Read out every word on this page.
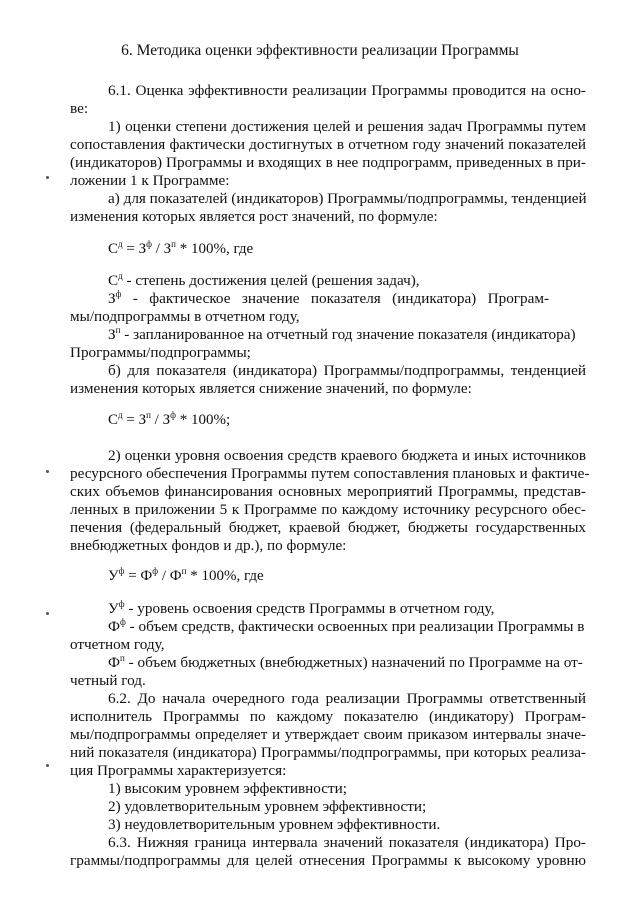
6. Методика оценки эффективности реализации Программы
6.1. Оценка эффективности реализации Программы проводится на осно-
ве:
1) оценки степени достижения целей и решения задач Программы путем
сопоставления фактически достигнутых в отчетном году значений показателей
(индикаторов) Программы и входящих в нее подпрограмм, приведенных в при-
ложении 1 к Программе:
а) для показателей (индикаторов) Программы/подпрограммы, тенденцией
изменения которых является рост значений, по формуле:
$С^д = З^ф / З^п * 100\%$, где
$С^д$ - степень достижения целей (решения задач),
$З^ф$   -   фактическое   значение   показателя   (индикатора)   Програм-
мы/подпрограммы в отчетном году,
$З^п$ - запланированное на отчетный год значение показателя (индикатора)
Программы/подпрограммы;
б) для показателя (индикатора) Программы/подпрограммы, тенденцией
изменения которых является снижение значений, по формуле:
$С^д = З^п / З^ф * 100\%$;
2) оценки уровня освоения средств краевого бюджета и иных источников
ресурсного обеспечения Программы путем сопоставления плановых и фактиче-
ских объемов финансирования основных мероприятий Программы, представ-
ленных в приложении 5 к Программе по каждому источнику ресурсного обес-
печения (федеральный бюджет, краевой бюджет, бюджеты государственных
внебюджетных фондов и др.), по формуле:
$У^ф = Ф^ф / Ф^п * 100\%$, где
$У^ф$ - уровень освоения средств Программы в отчетном году,
$Ф^ф$ - объем средств, фактически освоенных при реализации Программы в
отчетном году,
$Ф^п$ - объем бюджетных (внебюджетных) назначений по Программе на от-
четный год.
6.2. До начала очередного года реализации Программы ответственный
исполнитель Программы по каждому показателю (индикатору) Програм-
мы/подпрограммы определяет и утверждает своим приказом интервалы значе-
ний показателя (индикатора) Программы/подпрограммы, при которых реализа-
ция Программы характеризуется:
1) высоким уровнем эффективности;
2) удовлетворительным уровнем эффективности;
3) неудовлетворительным уровнем эффективности.
6.3. Нижняя граница интервала значений показателя (индикатора) Про-
граммы/подпрограммы для целей отнесения Программы к высокому уровню
